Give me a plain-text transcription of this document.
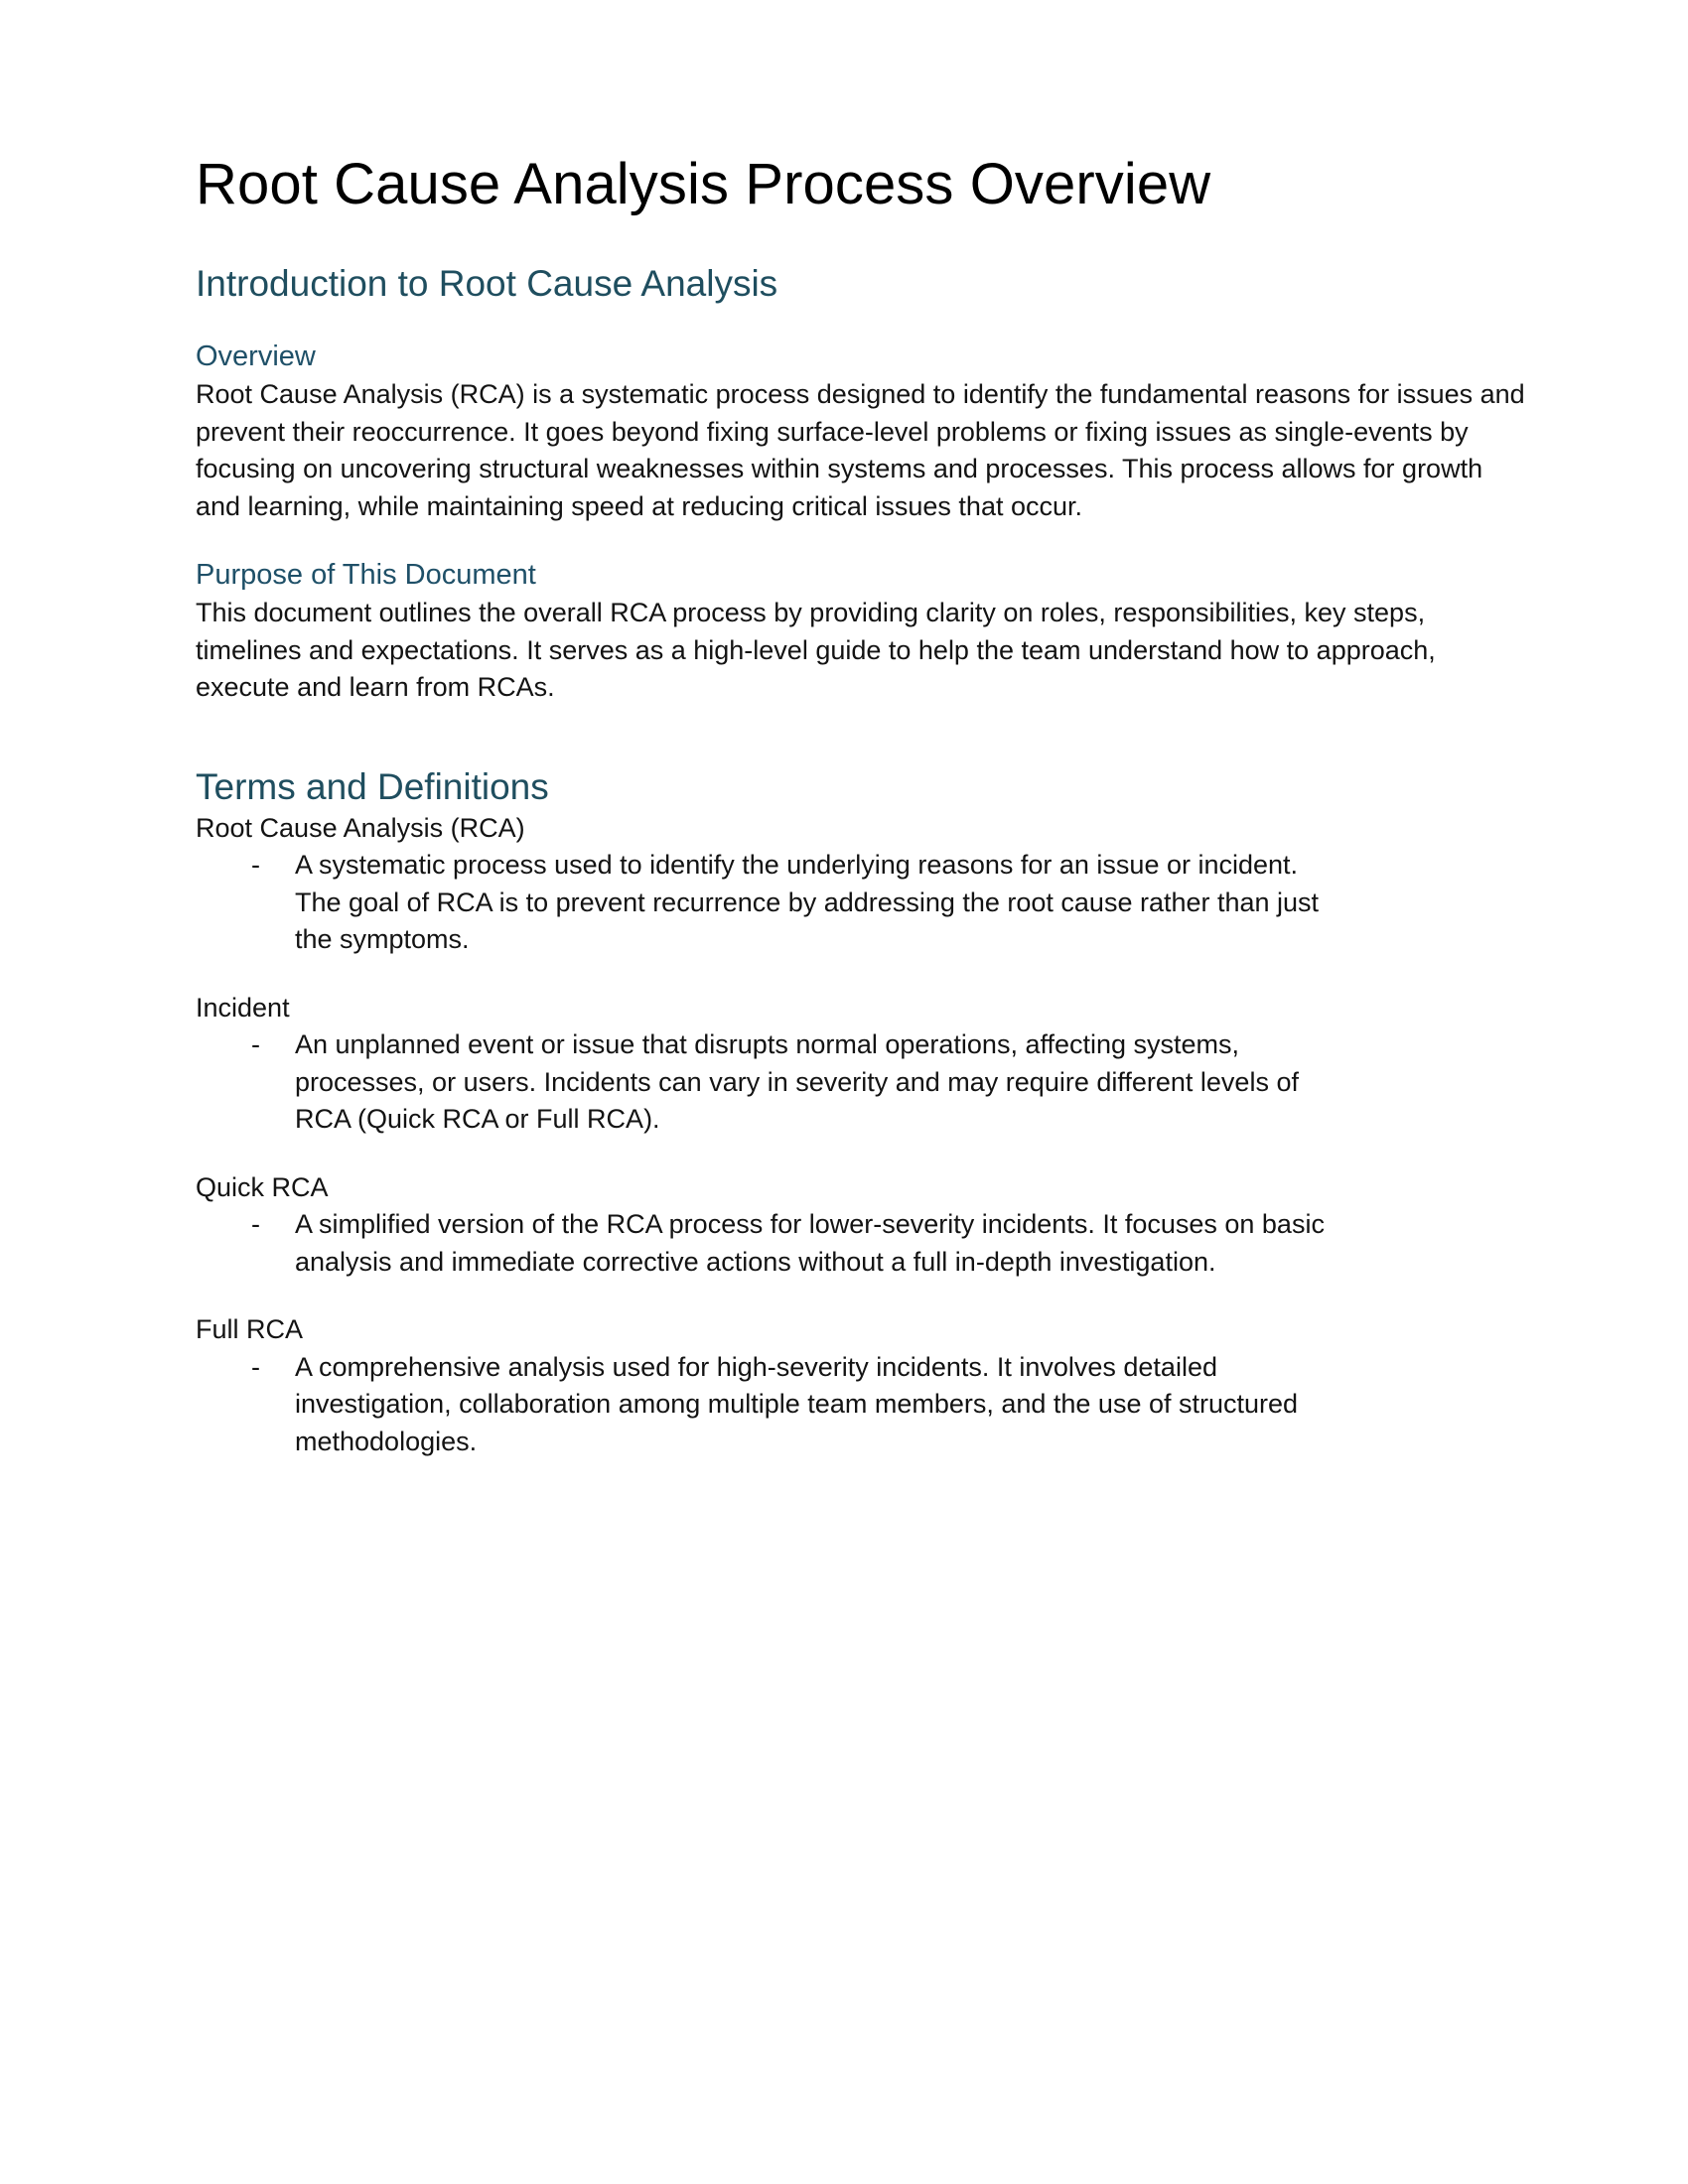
Root Cause Analysis Process Overview
Introduction to Root Cause Analysis
Overview

Root Cause Analysis (RCA) is a systematic process designed to identify the fundamental reasons for issues and prevent their reoccurrence. It goes beyond fixing surface-level problems or fixing issues as single-events by focusing on uncovering structural weaknesses within systems and processes. This process allows for growth and learning, while maintaining speed at reducing critical issues that occur.

Purpose of This Document

This document outlines the overall RCA process by providing clarity on roles, responsibilities, key steps, timelines and expectations. It serves as a high-level guide to help the team understand how to approach, execute and learn from RCAs.

Terms and Definitions

Root Cause Analysis (RCA)

-	A systematic process used to identify the underlying reasons for an issue or incident. The goal of RCA is to prevent recurrence by addressing the root cause rather than just the symptoms.

Incident

-	An unplanned event or issue that disrupts normal operations, affecting systems, processes, or users. Incidents can vary in severity and may require different levels of RCA (Quick RCA or Full RCA).

Quick RCA

-	A simplified version of the RCA process for lower-severity incidents. It focuses on basic analysis and immediate corrective actions without a full in-depth investigation.

Full RCA

-	A comprehensive analysis used for high-severity incidents. It involves detailed investigation, collaboration among multiple team members, and the use of structured methodologies.
